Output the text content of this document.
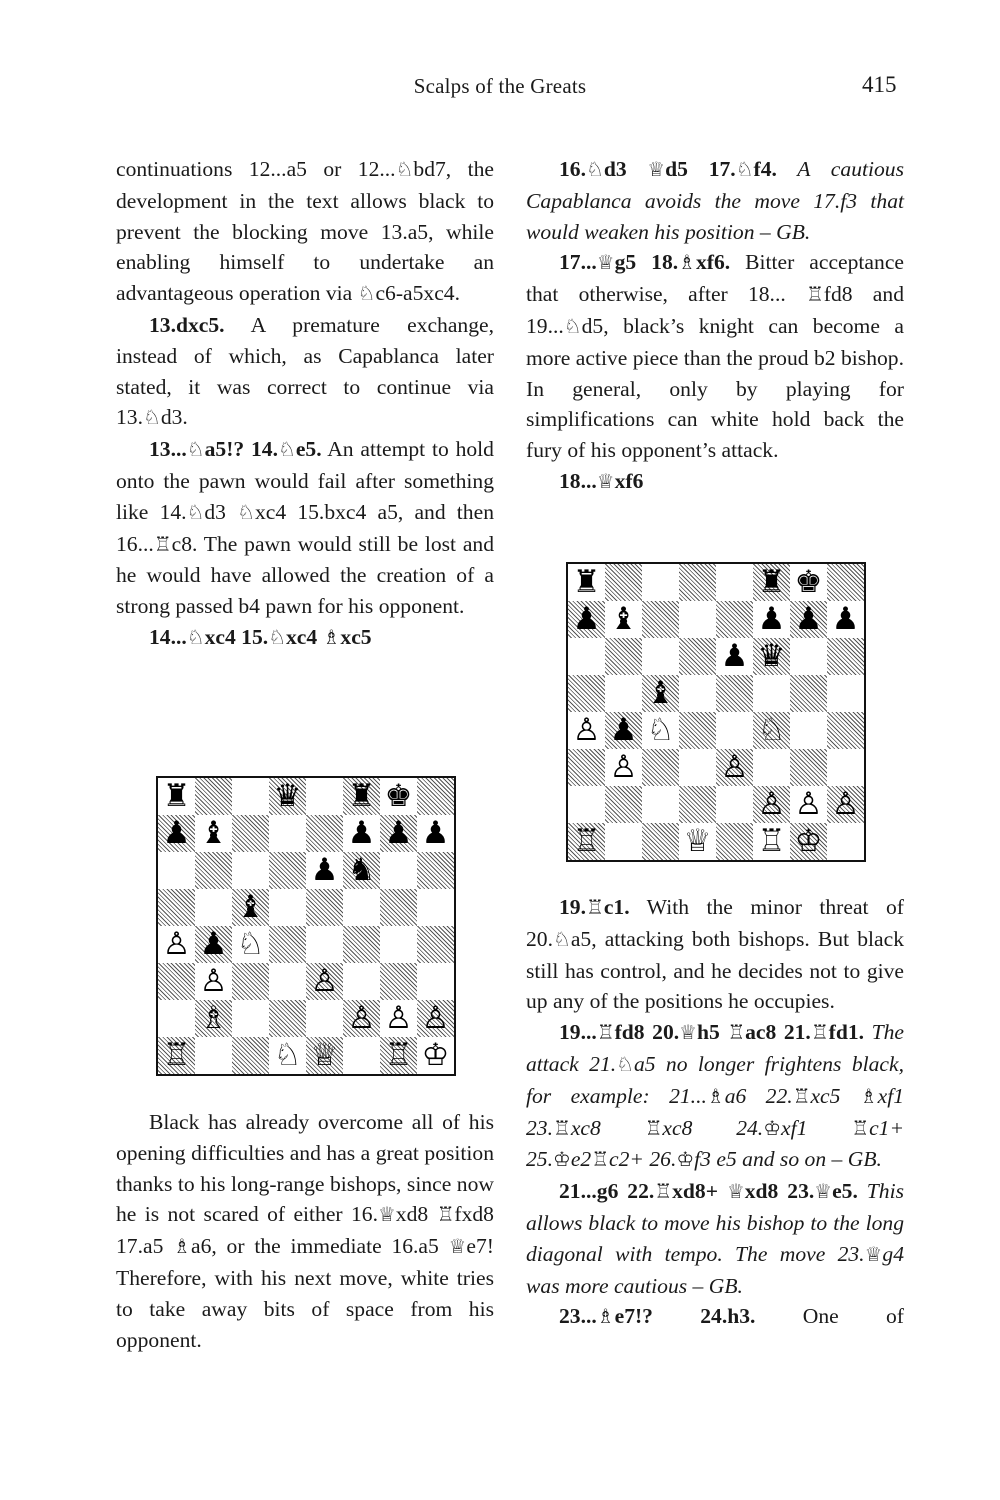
Scalps of the Greats	415

continuations 12...a5 or 12...♘bd7, the development in the text allows black to prevent the blocking move 13.a5, while enabling himself to undertake an advantageous operation via ♘c6-a5xc4.

13.dxc5. A premature exchange, instead of which, as Capablanca later stated, it was correct to continue via 13.♘d3.

13...♘a5!? 14.♘e5. An attempt to hold onto the pawn would fail after something like 14.♘d3 ♘xc4 15.bxc4 a5, and then 16...♖c8. The pawn would still be lost and he would have allowed the creation of a strong passed b4 pawn for his opponent.

14...♘xc4 15.♘xc4 ♗xc5

♜	♛ ♜ ♚
♟ ♝	♟ ♟ ♟
♟ ♞
♝
♙ ♟ ♘
♙	♙
♗	♙ ♙ ♙
♖	♘ ♕ ♖ ♔

Black has already overcome all of his opening difficulties and has a great position thanks to his long-range bishops, since now he is not scared of either 16.♕xd8 ♖fxd8 17.a5 ♗a6, or the immediate 16.a5 ♕e7! Therefore, with his next move, white tries to take away bits of space from his opponent.

16.♘d3 ♕d5 17.♘f4. A cautious Capablanca avoids the move 17.f3 that would weaken his position – GB.

17...♕g5 18.♗xf6. Bitter acceptance that otherwise, after 18... ♖fd8 and 19...♘d5, black’s knight can become a more active piece than the proud b2 bishop. In general, only by playing for simplifications can white hold back the fury of his opponent’s attack.

18...♕xf6

♜	♜ ♚
♟ ♝	♟ ♟ ♟
♟ ♛
♝
♙ ♟ ♘	♘
♙	♙
♙ ♙ ♙
♖	♕ ♖ ♔

19.♖c1. With the minor threat of 20.♘a5, attacking both bishops. But black still has control, and he decides not to give up any of the positions he occupies.

19...♖fd8 20.♕h5 ♖ac8 21.♖fd1. The attack 21.♘a5 no longer frightens black, for example: 21...♗a6 22.♖xc5 ♗xf1 23.♖xc8 ♖xc8 24.♔xf1 ♖c1+ 25.♔e2♖c2+ 26.♔f3 e5 and so on – GB.

21...g6 22.♖xd8+ ♕xd8 23.♕e5. This allows black to move his bishop to the long diagonal with tempo. The move 23.♕g4 was more cautious – GB.

23...♗e7!? 24.h3. One of
